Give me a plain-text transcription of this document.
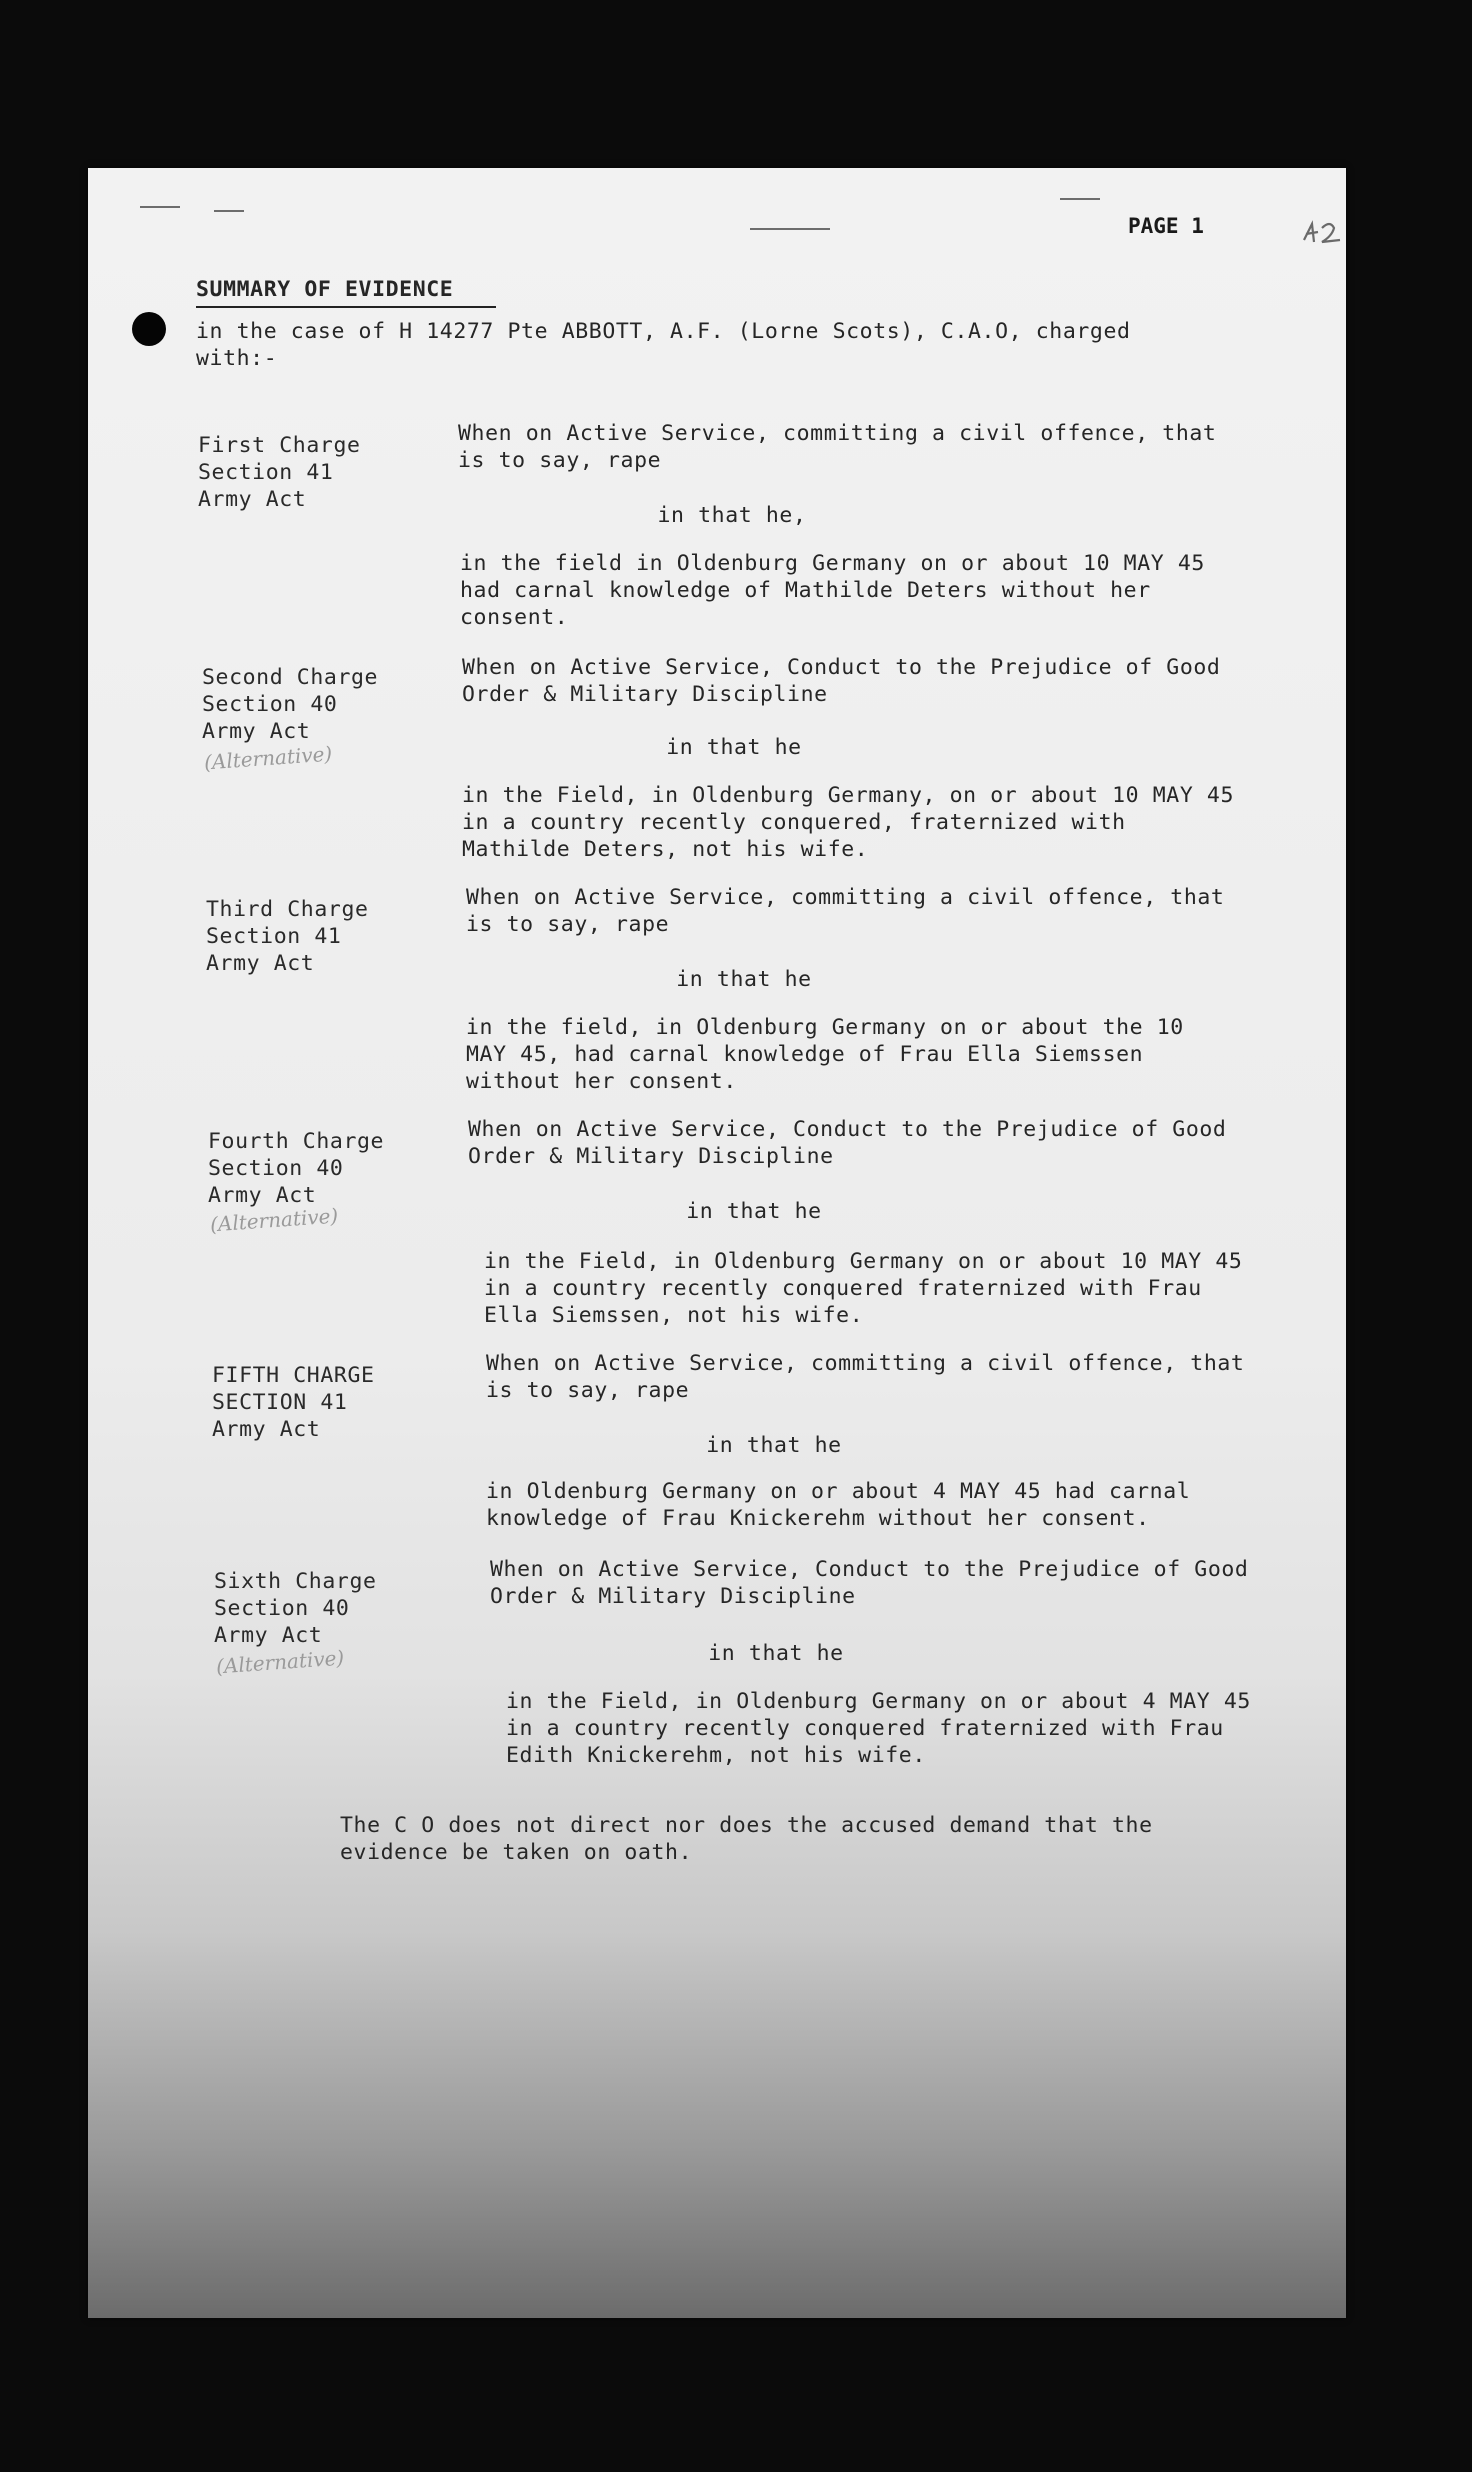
PAGE 1
SUMMARY OF EVIDENCE
in the case of H 14277 Pte ABBOTT, A.F. (Lorne Scots), C.A.O, charged
with:-
First Charge
Section 41
Army Act
When on Active Service, committing a civil offence, that
is to say, rape
in that he,
in the field in Oldenburg Germany on or about 10 MAY 45
had carnal knowledge of Mathilde Deters without her
consent.
Second Charge
Section 40
Army Act
(Alternative)
When on Active Service, Conduct to the Prejudice of Good
Order & Military Discipline
in that he
in the Field, in Oldenburg Germany, on or about 10 MAY 45
in a country recently conquered, fraternized with
Mathilde Deters, not his wife.
Third Charge
Section 41
Army Act
When on Active Service, committing a civil offence, that
is to say, rape
in that he
in the field, in Oldenburg Germany on or about the 10
MAY 45, had carnal knowledge of Frau Ella Siemssen
without her consent.
Fourth Charge
Section 40
Army Act
(Alternative)
When on Active Service, Conduct to the Prejudice of Good
Order & Military Discipline
in that he
in the Field, in Oldenburg Germany on or about 10 MAY 45
in a country recently conquered fraternized with Frau
Ella Siemssen, not his wife.
FIFTH CHARGE
SECTION 41
Army Act
When on Active Service, committing a civil offence, that
is to say, rape
in that he
in Oldenburg Germany on or about 4 MAY 45 had carnal
knowledge of Frau Knickerehm without her consent.
Sixth Charge
Section 40
Army Act
(Alternative)
When on Active Service, Conduct to the Prejudice of Good
Order & Military Discipline
in that he
in the Field, in Oldenburg Germany on or about 4 MAY 45
in a country recently conquered fraternized with Frau
Edith Knickerehm, not his wife.
The C O does not direct nor does the accused demand that the
evidence be taken on oath.
